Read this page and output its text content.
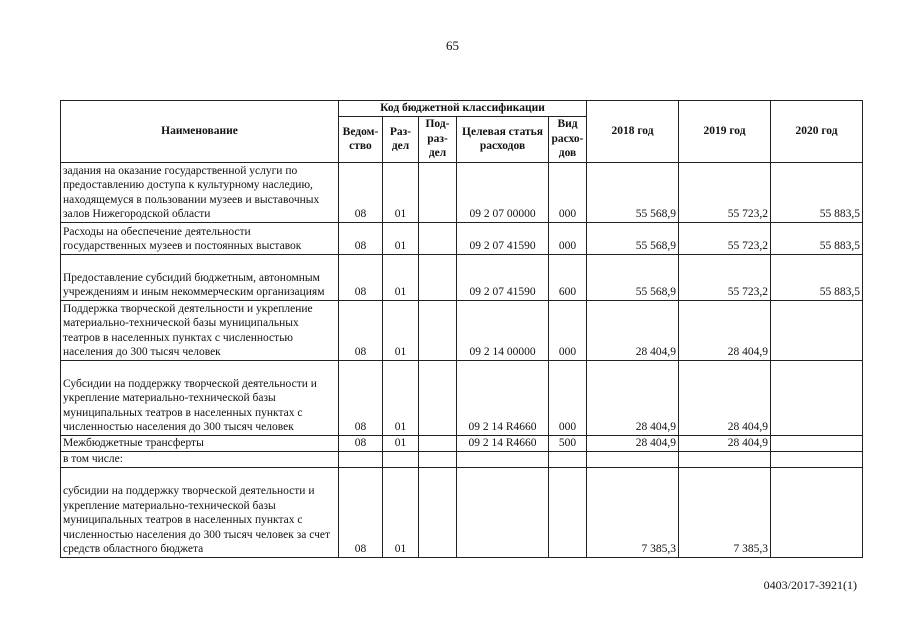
65
Наименование	Код бюджетной классификации					2018 год	2019 год	2020 год
	Ведом-ство	Раз-дел	Под-раз-дел	Целевая статья расходов	Вид расхо-дов			
задания на оказание государственной услуги по предоставлению доступа к культурному наследию, находящемуся в пользовании музеев и выставочных залов Нижегородской области	08	01		09 2 07 00000	000	55 568,9	55 723,2	55 883,5
Расходы на обеспечение деятельности государственных музеев и постоянных выставок	08	01		09 2 07 41590	000	55 568,9	55 723,2	55 883,5
Предоставление субсидий бюджетным, автономным учреждениям и иным некоммерческим организациям	08	01		09 2 07 41590	600	55 568,9	55 723,2	55 883,5
Поддержка творческой деятельности и укрепление материально-технической базы муниципальных театров в населенных пунктах с численностью населения до 300 тысяч человек	08	01		09 2 14 00000	000	28 404,9	28 404,9	
Субсидии на поддержку творческой деятельности и укрепление материально-технической базы муниципальных театров в населенных пунктах с численностью населения до 300 тысяч человек	08	01		09 2 14 R4660	000	28 404,9	28 404,9	
Межбюджетные трансферты	08	01		09 2 14 R4660	500	28 404,9	28 404,9	
в том числе:								
субсидии на поддержку творческой деятельности и укрепление материально-технической базы муниципальных театров в населенных пунктах с численностью населения до 300 тысяч человек за счет средств областного бюджета	08	01				7 385,3	7 385,3	
0403/2017-3921(1)
